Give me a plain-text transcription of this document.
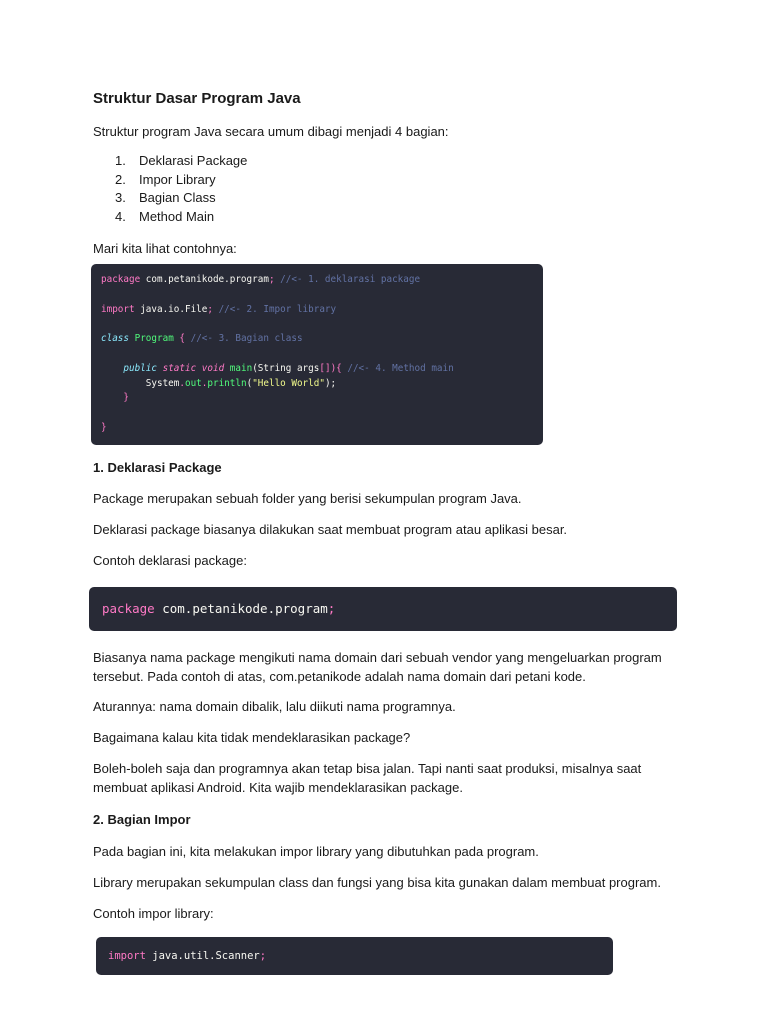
Struktur Dasar Program Java

Struktur program Java secara umum dibagi menjadi 4 bagian:

1. Deklarasi Package
2. Impor Library
3. Bagian Class
4. Method Main

Mari kita lihat contohnya:

package com.petanikode.program; //<- 1. deklarasi package

import java.io.File; //<- 2. Impor library

class Program { //<- 3. Bagian class

public static void main(String args[]){ //<- 4. Method main
System.out.println("Hello World");
}

}
1. Deklarasi Package

Package merupakan sebuah folder yang berisi sekumpulan program Java.

Deklarasi package biasanya dilakukan saat membuat program atau aplikasi besar.

Contoh deklarasi package:

package com.petanikode.program;

Biasanya nama package mengikuti nama domain dari sebuah vendor yang mengeluarkan program
tersebut. Pada contoh di atas, com.petanikode adalah nama domain dari petani kode.

Aturannya: nama domain dibalik, lalu diikuti nama programnya.

Bagaimana kalau kita tidak mendeklarasikan package?

Boleh-boleh saja dan programnya akan tetap bisa jalan. Tapi nanti saat produksi, misalnya saat
membuat aplikasi Android. Kita wajib mendeklarasikan package.

2. Bagian Impor

Pada bagian ini, kita melakukan impor library yang dibutuhkan pada program.

Library merupakan sekumpulan class dan fungsi yang bisa kita gunakan dalam membuat program.

Contoh impor library:

import java.util.Scanner;
